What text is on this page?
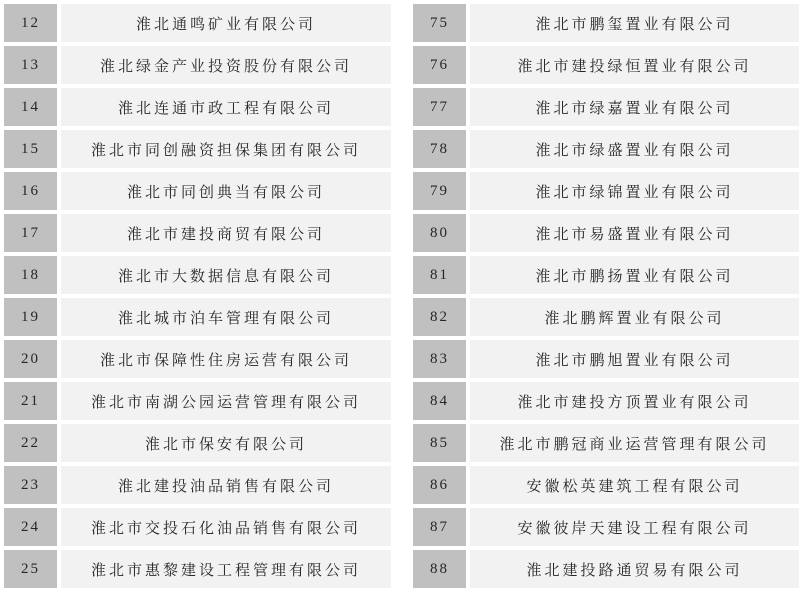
12	淮北通鸣矿业有限公司
13	淮北绿金产业投资股份有限公司
14	淮北连通市政工程有限公司
15	淮北市同创融资担保集团有限公司
16	淮北市同创典当有限公司
17	淮北市建投商贸有限公司
18	淮北市大数据信息有限公司
19	淮北城市泊车管理有限公司
20	淮北市保障性住房运营有限公司
21	淮北市南湖公园运营管理有限公司
22	淮北市保安有限公司
23	淮北建投油品销售有限公司
24	淮北市交投石化油品销售有限公司
25	淮北市惠黎建设工程管理有限公司
75	淮北市鹏玺置业有限公司
76	淮北市建投绿恒置业有限公司
77	淮北市绿嘉置业有限公司
78	淮北市绿盛置业有限公司
79	淮北市绿锦置业有限公司
80	淮北市易盛置业有限公司
81	淮北市鹏扬置业有限公司
82	淮北鹏辉置业有限公司
83	淮北市鹏旭置业有限公司
84	淮北市建投方顶置业有限公司
85	淮北市鹏冠商业运营管理有限公司
86	安徽松英建筑工程有限公司
87	安徽彼岸天建设工程有限公司
88	淮北建投路通贸易有限公司
